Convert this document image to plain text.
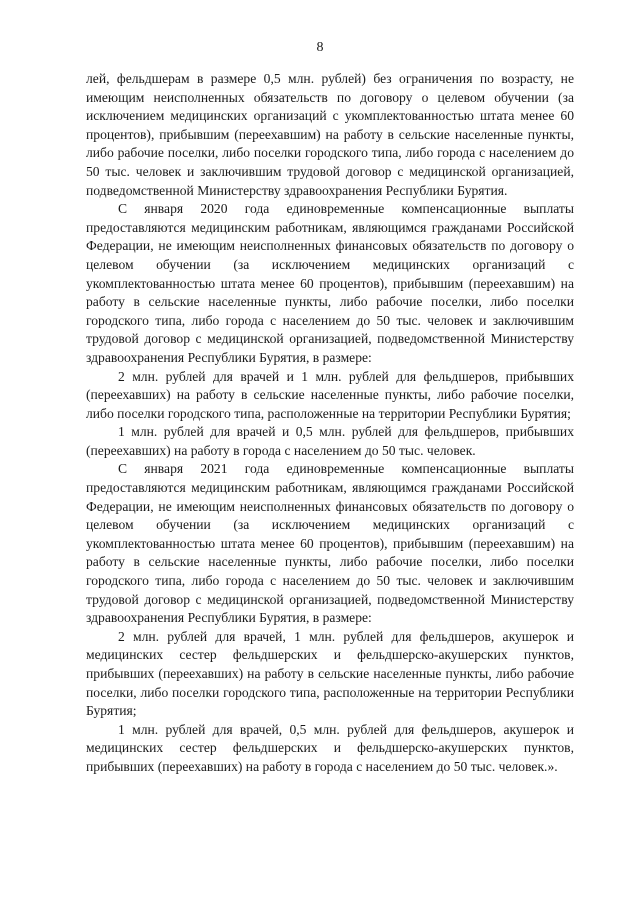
8

лей, фельдшерам в размере 0,5 млн. рублей) без ограничения по возрасту, не имеющим неисполненных обязательств по договору о целевом обучении (за исключением медицинских организаций с укомплектованностью штата менее 60 процентов), прибывшим (переехавшим) на работу в сельские населенные пункты, либо рабочие поселки, либо поселки городского типа, либо города с населением до 50 тыс. человек и заключившим трудовой договор с медицинской организацией, подведомственной Министерству здравоохранения Республики Бурятия.

С января 2020 года единовременные компенсационные выплаты предоставляются медицинским работникам, являющимся гражданами Российской Федерации, не имеющим неисполненных финансовых обязательств по договору о целевом обучении (за исключением медицинских организаций с укомплектованностью штата менее 60 процентов), прибывшим (переехавшим) на работу в сельские населенные пункты, либо рабочие поселки, либо поселки городского типа, либо города с населением до 50 тыс. человек и заключившим трудовой договор с медицинской организацией, подведомственной Министерству здравоохранения Республики Бурятия, в размере:

2 млн. рублей для врачей и 1 млн. рублей для фельдшеров, прибывших (переехавших) на работу в сельские населенные пункты, либо рабочие поселки, либо поселки городского типа, расположенные на территории Республики Бурятия;

1 млн. рублей для врачей и 0,5 млн. рублей для фельдшеров, прибывших (переехавших) на работу в города с населением до 50 тыс. человек.

С января 2021 года единовременные компенсационные выплаты предоставляются медицинским работникам, являющимся гражданами Российской Федерации, не имеющим неисполненных финансовых обязательств по договору о целевом обучении (за исключением медицинских организаций с укомплектованностью штата менее 60 процентов), прибывшим (переехавшим) на работу в сельские населенные пункты, либо рабочие поселки, либо поселки городского типа, либо города с населением до 50 тыс. человек и заключившим трудовой договор с медицинской организацией, подведомственной Министерству здравоохранения Республики Бурятия, в размере:

2 млн. рублей для врачей, 1 млн. рублей для фельдшеров, акушерок и медицинских сестер фельдшерских и фельдшерско-акушерских пунктов, прибывших (переехавших) на работу в сельские населенные пункты, либо рабочие поселки, либо поселки городского типа, расположенные на территории Республики Бурятия;

1 млн. рублей для врачей, 0,5 млн. рублей для фельдшеров, акушерок и медицинских сестер фельдшерских и фельдшерско-акушерских пунктов, прибывших (переехавших) на работу в города с населением до 50 тыс. человек.».
